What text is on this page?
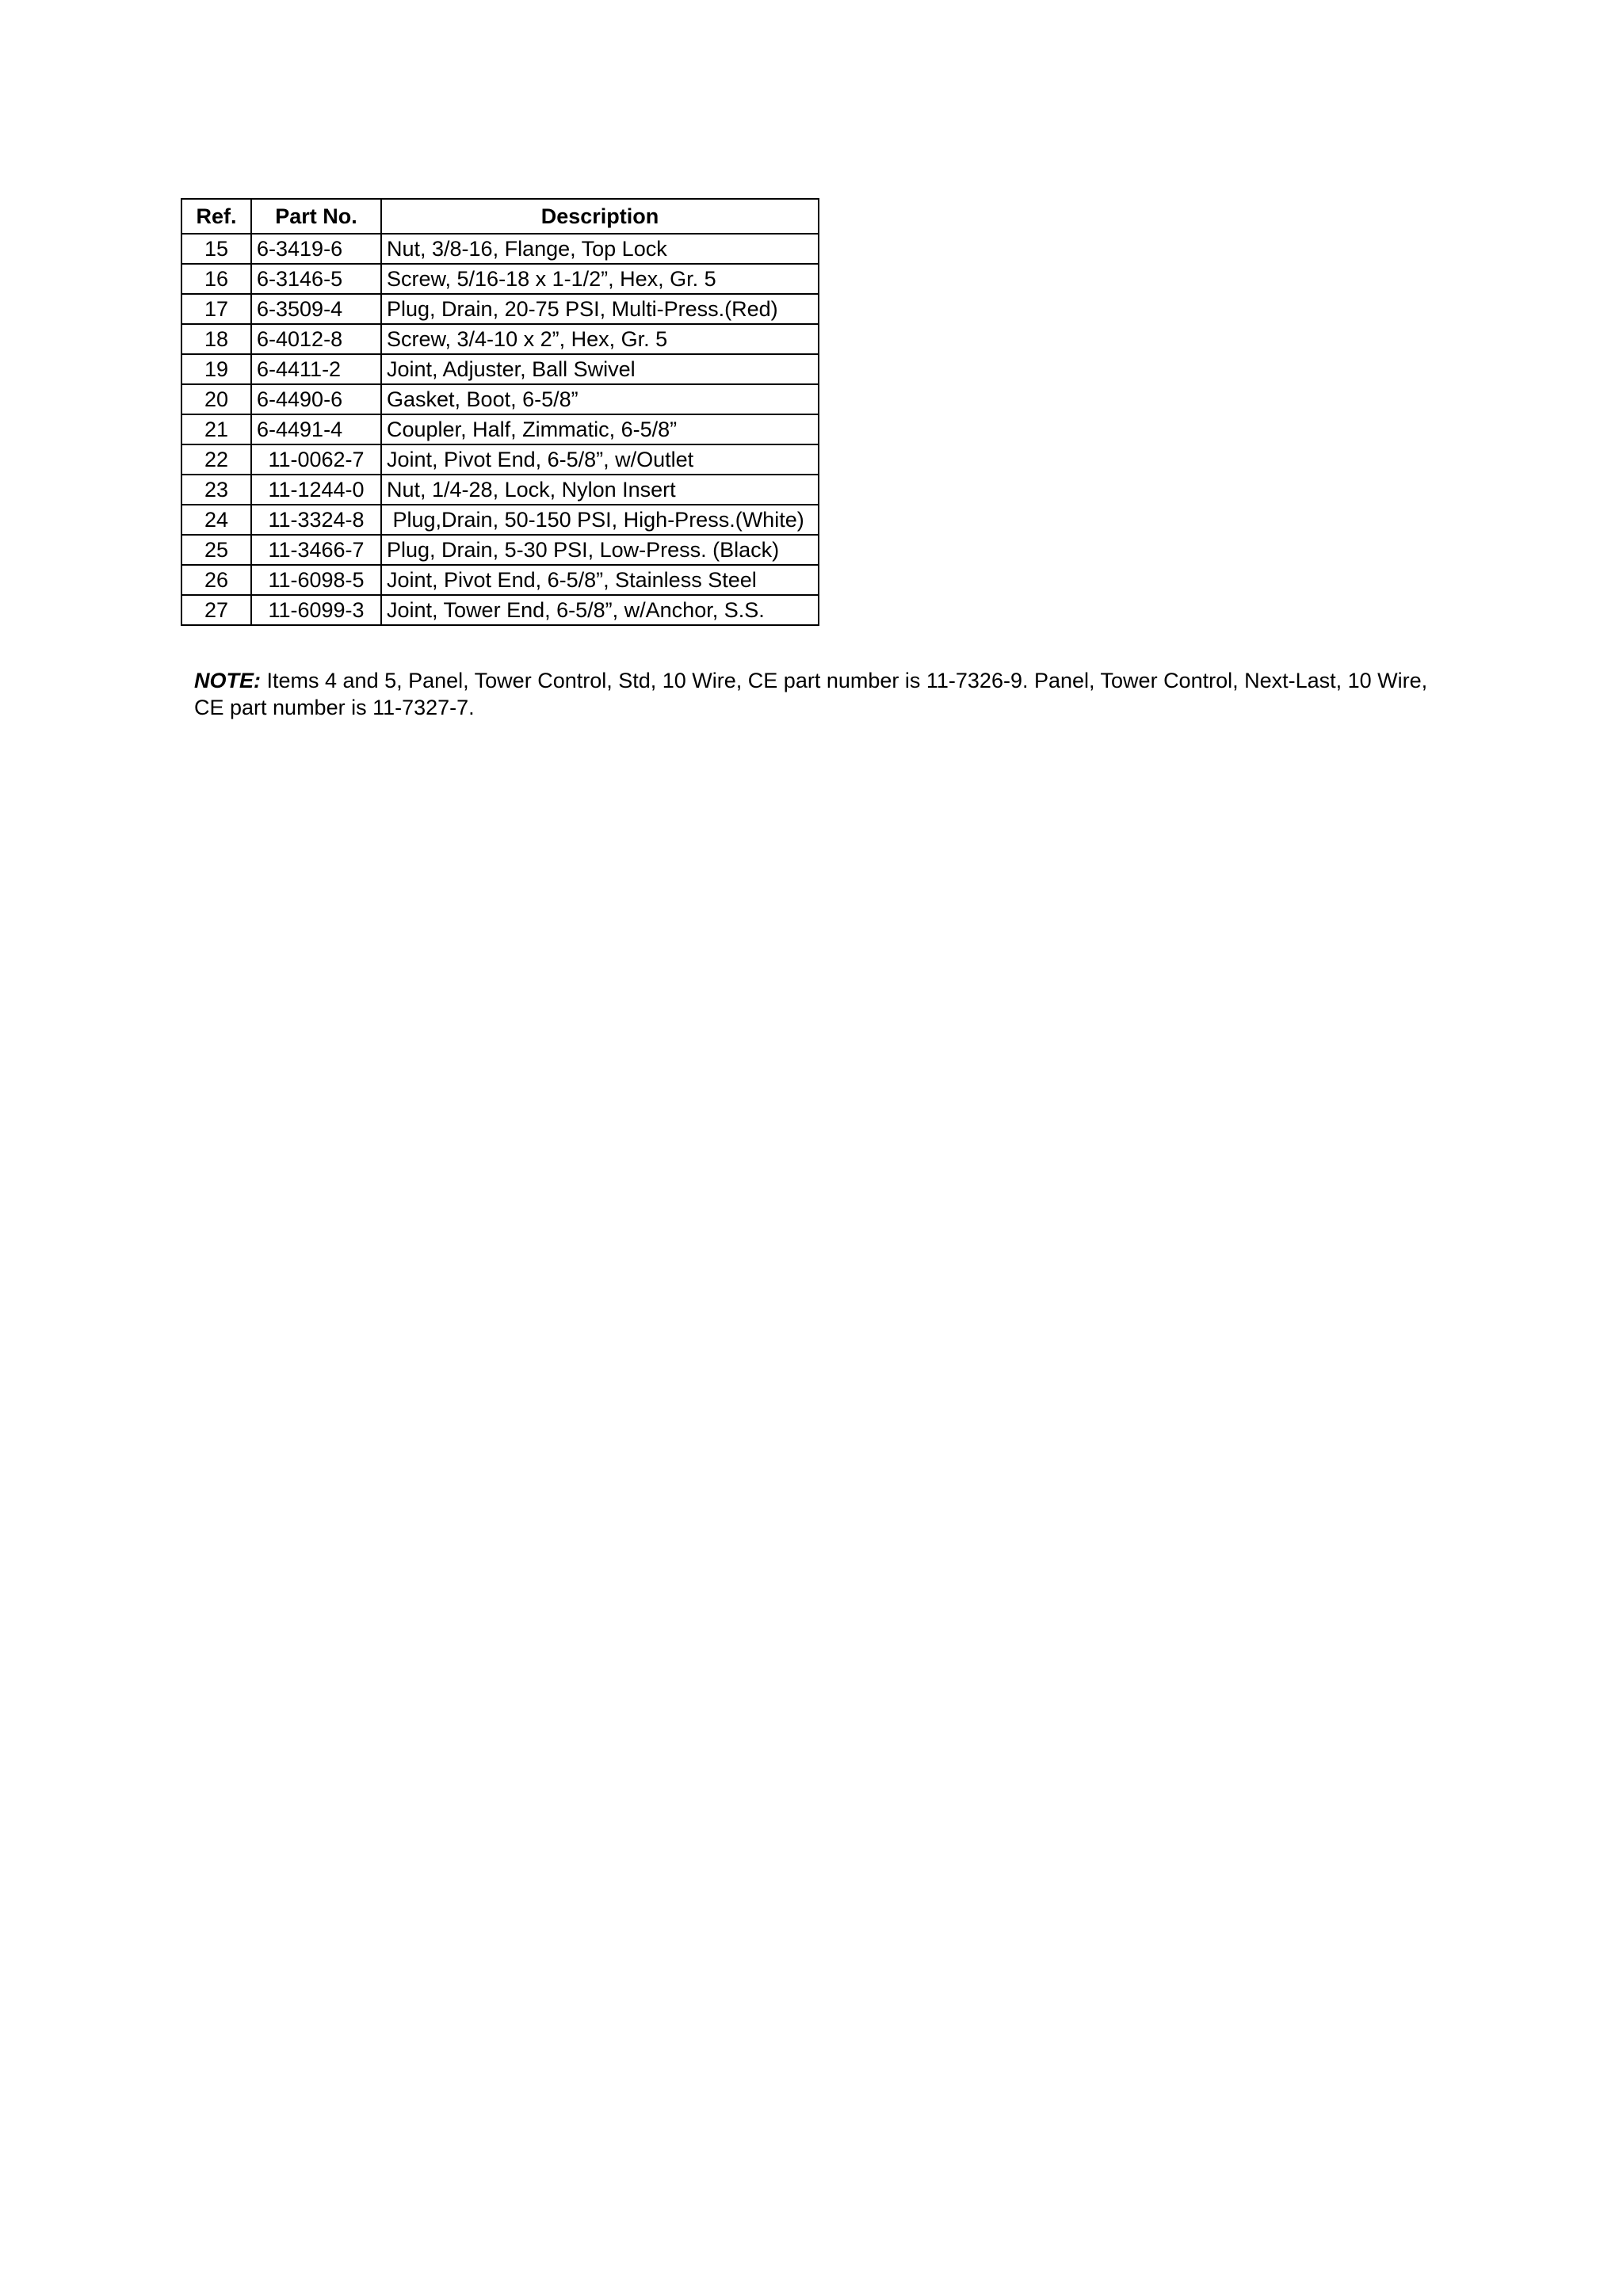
Ref.	Part No.	Description
15	6-3419-6	Nut, 3/8-16, Flange, Top Lock
16	6-3146-5	Screw, 5/16-18 x 1-1/2”, Hex, Gr. 5
17	6-3509-4	Plug, Drain, 20-75 PSI, Multi-Press.(Red)
18	6-4012-8	Screw, 3/4-10 x 2”, Hex, Gr. 5
19	6-4411-2	Joint, Adjuster, Ball Swivel
20	6-4490-6	Gasket, Boot, 6-5/8”
21	6-4491-4	Coupler, Half, Zimmatic, 6-5/8”
22	11-0062-7	Joint, Pivot End, 6-5/8”, w/Outlet
23	11-1244-0	Nut, 1/4-28, Lock, Nylon Insert
24	11-3324-8	Plug,Drain, 50-150 PSI, High-Press.(White)
25	11-3466-7	Plug, Drain, 5-30 PSI, Low-Press. (Black)
26	11-6098-5	Joint, Pivot End, 6-5/8”, Stainless Steel
27	11-6099-3	Joint, Tower End, 6-5/8”, w/Anchor, S.S.
NOTE: Items 4 and 5, Panel, Tower Control, Std, 10 Wire, CE part number is 11-7326-9. Panel, Tower Control, Next-Last, 10 Wire, CE part number is 11-7327-7.
